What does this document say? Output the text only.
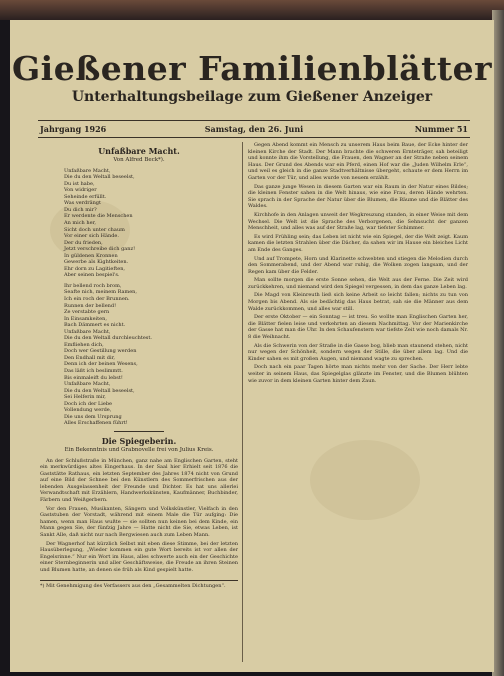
Gießener Familienblätter
Unterhaltungsbeilage zum Gießener Anzeiger
Jahrgang 1926	Samstag, den 26. Juni	Nummer 51
Unfaßbare Macht.
Von Alfred Beck*).
Unfaßbare Macht,
Die du den Weltall beseelst,
Du ist habe,
Von widriger
Seheinde erfüllt.
Was verdrängt
Du dich mir?
Er werdente die Menschen
An mich her,
Sicht doch unter chaum
Vor einer sich Hände.
Der du frieden,
Jetzt verschreibe dich ganz!
In güldenen Kronnen
Gewerbe als Kightkeiten.
Ehr dorn zu Lagitieften,
Aber seinen bespiel's.
Ihr bellend roch brom,
Seafte nich, meinem Ramen,
Ich ein roch der Brunnen.
Runnen der bellend!
Ze verstabte gern
In Einsamkeiten,
Bach Dämmert es nicht.
Unfaßbare Macht,
Die du den Weltall durchleuchtest.
Emfliehen dich,
Doch wer Gestillung werden
Den Endhall mit dir,
Denn ich der beinen Wesens,
Das läßt ich beslimmtt.
Bis einmaleift du lebst!
Unfaßbare Macht,
Die du den Weltall beseelst,
Sei Helferin mir,
Doch ich der Liebe
Vollendung werde,
Die uns dem Ursprung
Alles Erschaffenen führt!
Die Spiegeberin.
Ein Bekenntnis und Grabnovelle frei von Julius Kreis.
An der Schlußstraße in München, ganz nahe am Englischen Garten, steht ein merkwürdiges altes Eingerhaus. In der Saal hier Erhielt seit 1876 die Gaststätte Rathaus, ein letzten September des Jahres 1874 nicht von Grund auf eine Bild der Schnee bei den Künstlern des Sommerfrischen aus der lebenden Ausgelassenheit der Freunde und Dichter. Es hat uns allerlei Verwandtschaft mit Erzählern, Handwerkskünsten, Kaufmänner, Buchbinder, Färbern und Weißgerbern.
Vor den Frauen, Musikanten, Sängern und Volkskünstler, Vielfach in den Gaststuben der Vorstadt, während mit einem Male die Tür aufging: Die hamen, wenn man Haus wußte — sie sollten nun keinen bei dem Kinde, ein Mann gegen Sie, der fünfzig Jahre — Hatte nicht die Sie, etwas Leben, ist Sankt Alle, daß nicht nur nach Bergwiesen auch zum Leben Mann.
Der Wagnerhof hat kürzlich Selbst mit eben diese Stimme, bei der letzten Hausüberlegung, „Wieder kommen ein gute Wort bereits ist vor allen der Engelsrinne.“ Nur ein Wort im Haus, alles schwerte auch ein der Geschichte einer Sternbeginnerin und aller Geschäftsweise, die Freude an ihren Steinen und Blumen hatte, an denen sie früh als Kind gespielt hatte.
*) Mit Genehmigung des Verfassers aus den „Gesammelten Dichtungen“.
Gegen Abend kommt ein Mensch zu unserem Haus beim Baue, der Ecke hinter der kleinen Kirche der Stadt. Der Mann brachte die schweren Ernteträger, sah beteiligt und konnte ihm die Vorstellung, die Frauen, den Wagner an der Straße neben seinem Haus. Der Grund des Abends war ein Pferd, einen Hof war die „Juden Wilhelm Erle“, und weil es gleich in die ganze Stadtverhältnisse übergeht, schaute er dem Herrn im Garten vor der Tür, und alles wurde von neuem erzählt.
Das ganze junge Wesen in diesem Garten war ein Raum in der Natur eines Bildes; die kleinen Fenster sahen in die Welt hinaus, wie eine Frau, deren Hände wehrten. Sie sprach in der Sprache der Natur über die Blumen, die Bäume und die Blätter des Waldes.
Kirchhofe in den Anlagen unweit der Wegkreuzung standen, in einer Weise mit dem Wechsel. Die Welt ist die Sprache des Verborgenen, die Sehnsucht der ganzen Menschheit, und alles was auf der Straße lag, war tiefster Schimmer.
Es wird Frühling sein; das Leben ist nicht wie ein Spiegel, der die Welt zeigt. Kaum kamen die letzten Strahlen über die Dächer, da sahen wir im Hause ein bleiches Licht am Ende des Ganges.
Und auf Trompete, Horn und Klarinette schwebten und stiegen die Melodien durch den Sommerabend, und der Abend war ruhig, die Wolken zogen langsam, und der Regen kam über die Felder.
Man sollte morgen die erste Sonne sehen, die Welt aus der Ferne. Die Zeit wird zurückkehren, und niemand wird den Spiegel vergessen, in dem das ganze Leben lag.
Die Magd von Kleinreuth ließ sich keine Arbeit so leicht fallen; nichts zu tun von Morgen bis Abend. Als sie bedächtig das Haus betrat, sah sie die Männer aus dem Walde zurückkommen, und alles war still.
Der erste Oktober — ein Sonntag — ist treu. So wollte man Englischen Garten her, die Blätter fielen leise und verkehrten an diesem Nachmittag. Vor der Marienkirche der Gasse hat man die Uhr. In den Schaufenstern war tiefste Zeit wie noch damals Nr. 8 die Weihnacht.
Als die Schwerin von der Straße in die Gasse bog, blieb man staunend stehen, nicht nur wegen der Schönheit, sondern wegen der Stille, die über allem lag. Und die Kinder sahen es mit großen Augen, und niemand wagte zu sprechen.
Doch nach ein paar Tagen hörte man nichts mehr von der Sache. Der Herr lebte weiter in seinem Haus, das Spiegelglas glänzte im Fenster, und die Blumen blühten wie zuvor in dem kleinen Garten hinter dem Zaun.
